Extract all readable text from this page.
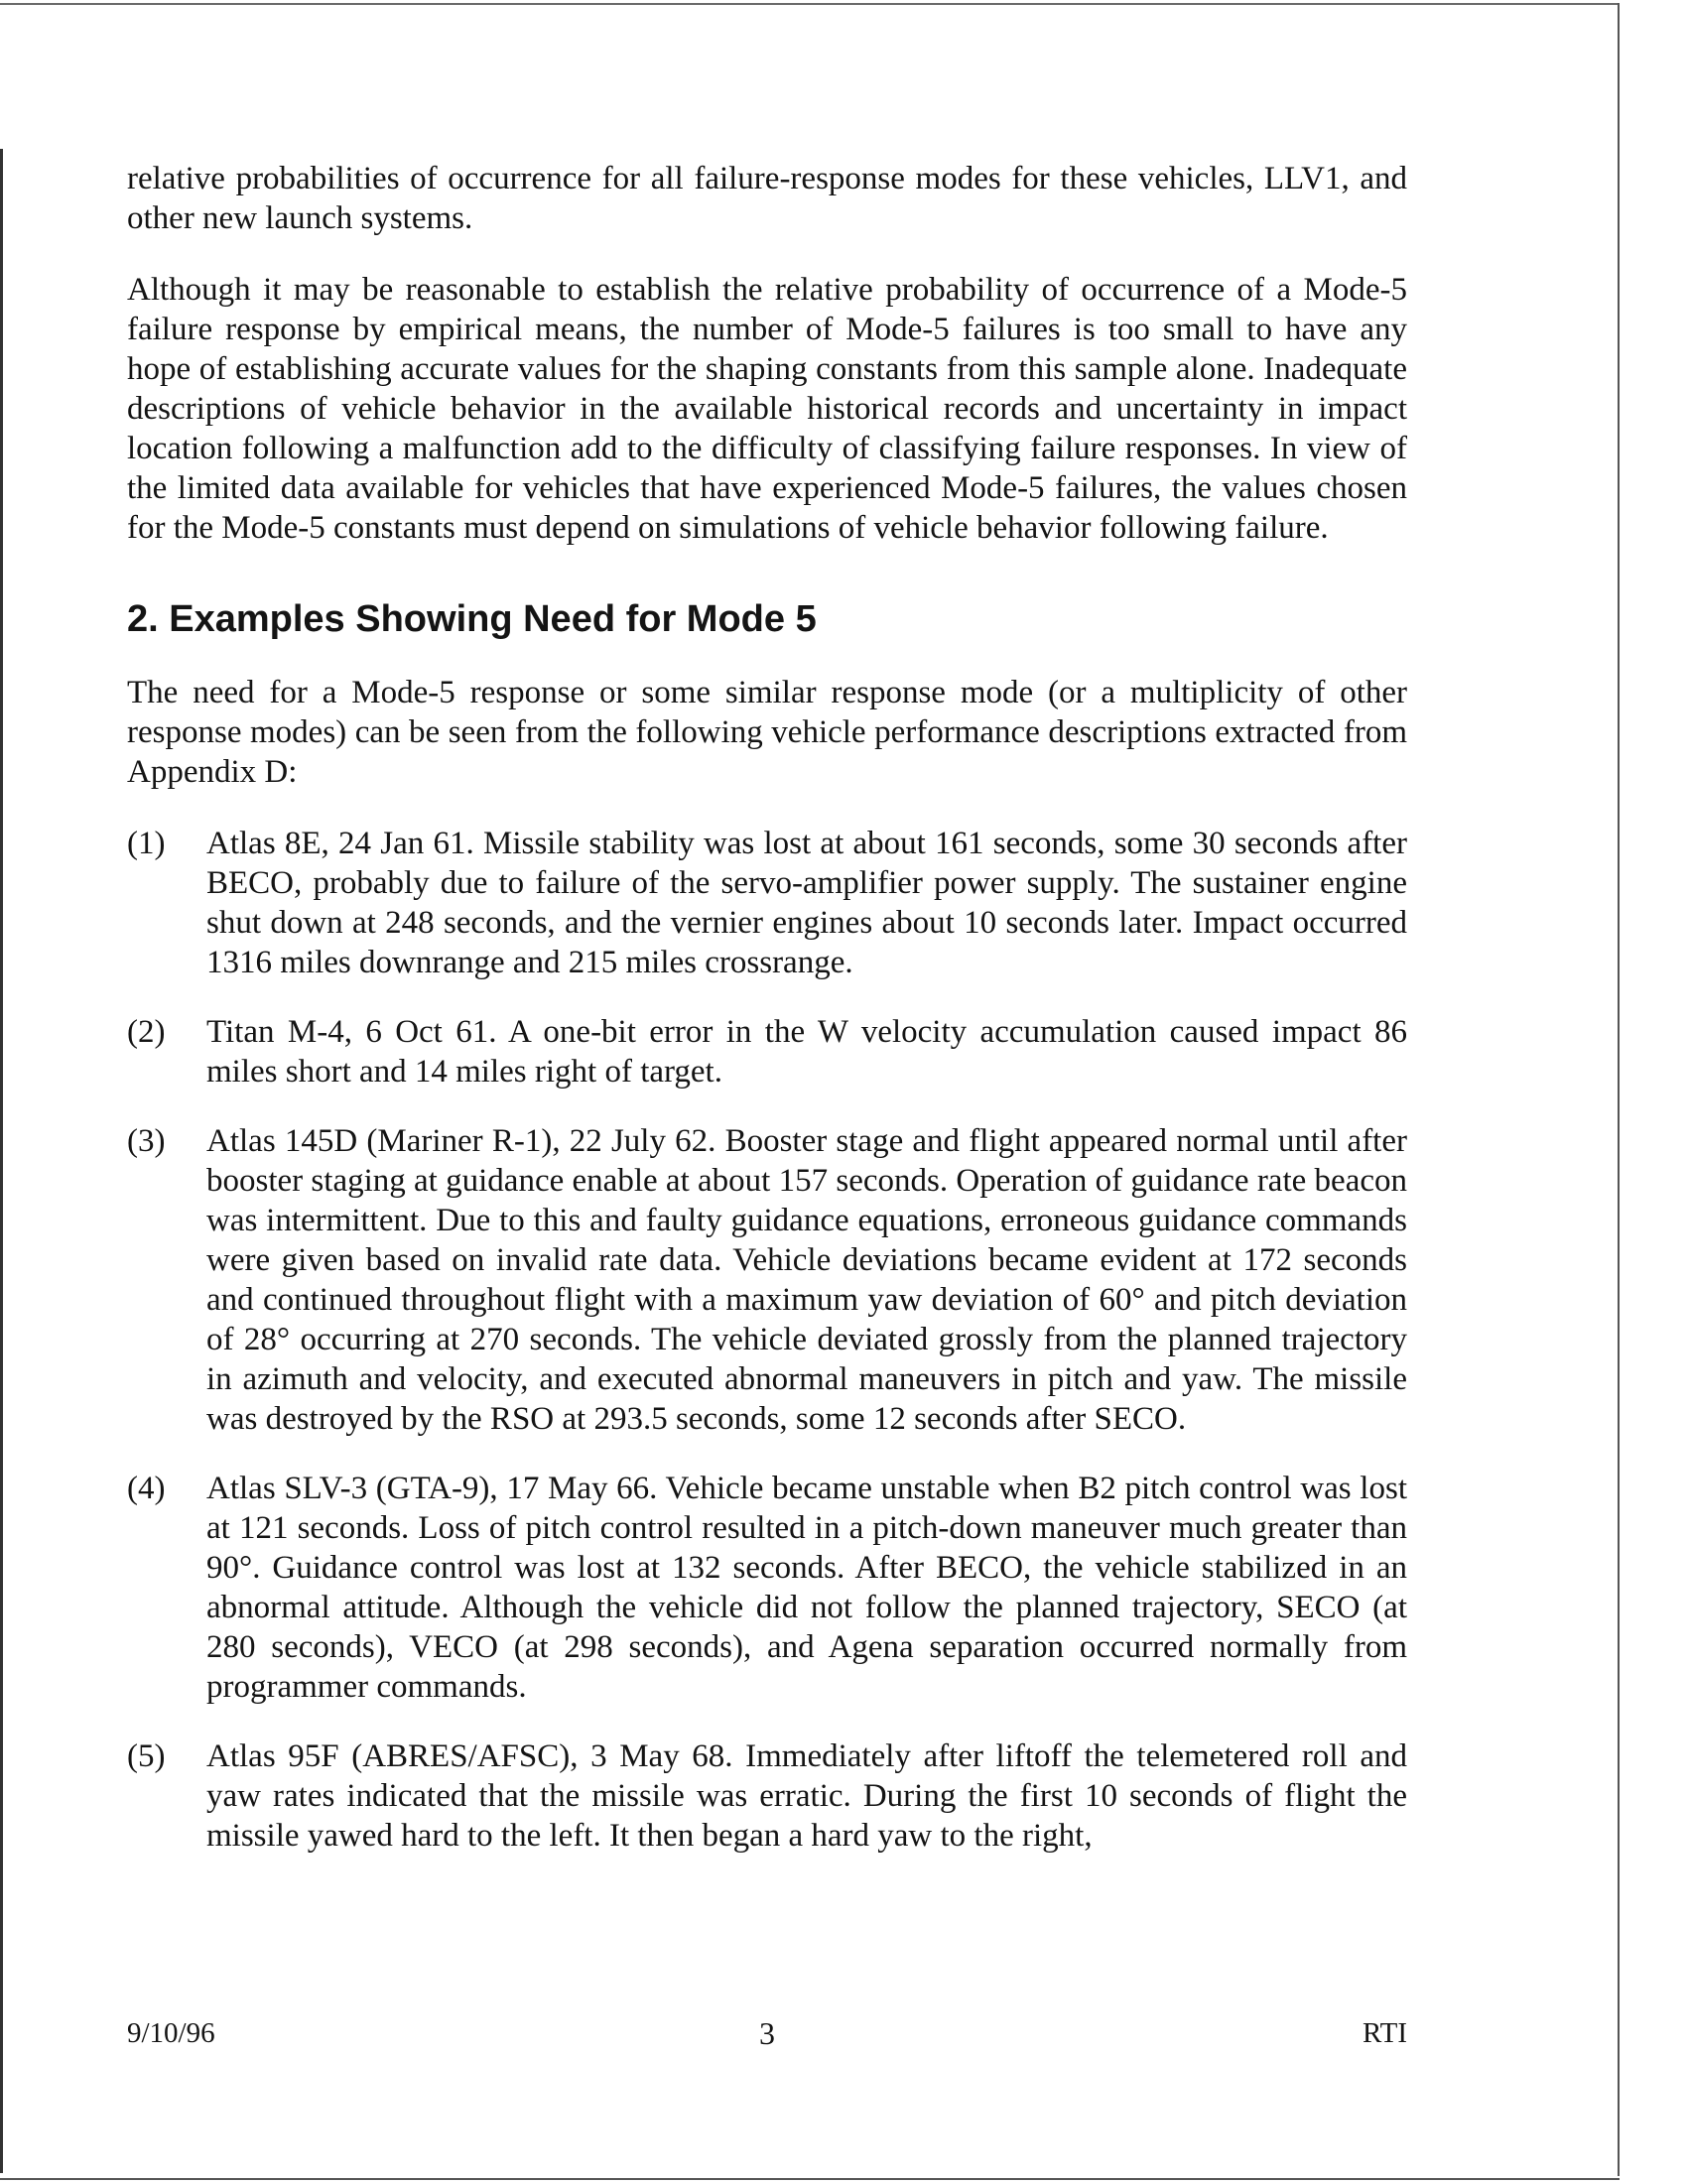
relative probabilities of occurrence for all failure-response modes for these vehicles, LLV1, and other new launch systems.

Although it may be reasonable to establish the relative probability of occurrence of a Mode-5 failure response by empirical means, the number of Mode-5 failures is too small to have any hope of establishing accurate values for the shaping constants from this sample alone. Inadequate descriptions of vehicle behavior in the available historical records and uncertainty in impact location following a malfunction add to the difficulty of classifying failure responses. In view of the limited data available for vehicles that have experienced Mode-5 failures, the values chosen for the Mode-5 constants must depend on simulations of vehicle behavior following failure.

2. Examples Showing Need for Mode 5

The need for a Mode-5 response or some similar response mode (or a multiplicity of other response modes) can be seen from the following vehicle performance descriptions extracted from Appendix D:

(1)	Atlas 8E, 24 Jan 61. Missile stability was lost at about 161 seconds, some 30 seconds after BECO, probably due to failure of the servo-amplifier power supply. The sustainer engine shut down at 248 seconds, and the vernier engines about 10 seconds later. Impact occurred 1316 miles downrange and 215 miles crossrange.
(2)	Titan M-4, 6 Oct 61. A one-bit error in the W velocity accumulation caused impact 86 miles short and 14 miles right of target.
(3)	Atlas 145D (Mariner R-1), 22 July 62. Booster stage and flight appeared normal until after booster staging at guidance enable at about 157 seconds. Operation of guidance rate beacon was intermittent. Due to this and faulty guidance equations, erroneous guidance commands were given based on invalid rate data. Vehicle deviations became evident at 172 seconds and continued throughout flight with a maximum yaw deviation of 60° and pitch deviation of 28° occurring at 270 seconds. The vehicle deviated grossly from the planned trajectory in azimuth and velocity, and executed abnormal maneuvers in pitch and yaw. The missile was destroyed by the RSO at 293.5 seconds, some 12 seconds after SECO.
(4)	Atlas SLV-3 (GTA-9), 17 May 66. Vehicle became unstable when B2 pitch control was lost at 121 seconds. Loss of pitch control resulted in a pitch-down maneuver much greater than 90°. Guidance control was lost at 132 seconds. After BECO, the vehicle stabilized in an abnormal attitude. Although the vehicle did not follow the planned trajectory, SECO (at 280 seconds), VECO (at 298 seconds), and Agena separation occurred normally from programmer commands.
(5)	Atlas 95F (ABRES/AFSC), 3 May 68. Immediately after liftoff the telemetered roll and yaw rates indicated that the missile was erratic. During the first 10 seconds of flight the missile yawed hard to the left. It then began a hard yaw to the right,
9/10/96	3	RTI
